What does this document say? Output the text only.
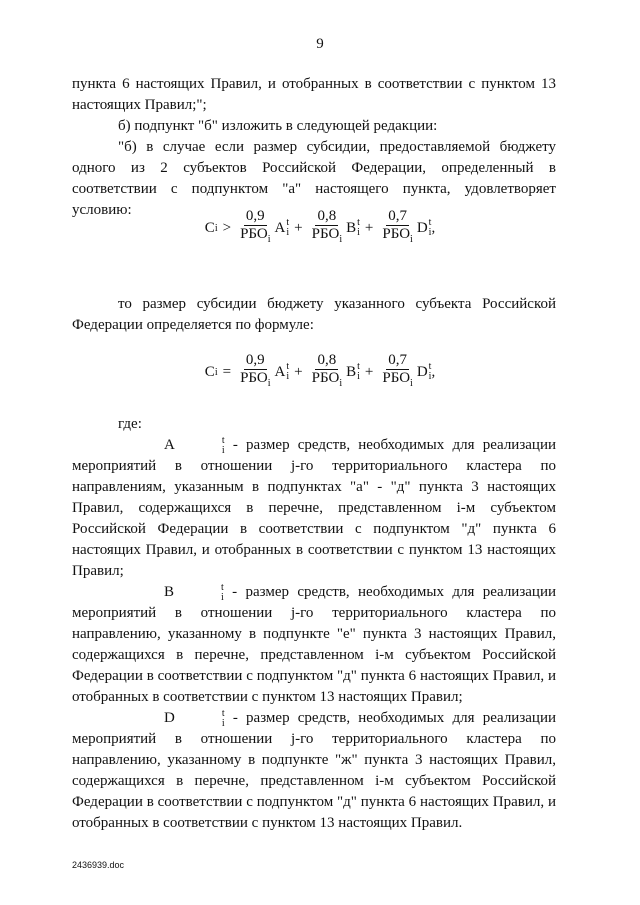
9

пункта 6 настоящих Правил, и отобранных в соответствии с пунктом 13 настоящих Правил;";

б) подпункт "б" изложить в следующей редакции:

"б) в случае если размер субсидии, предоставляемой бюджету одного из 2 субъектов Российской Федерации, определенный в соответствии с подпунктом "а" настоящего пункта, удовлетворяет условию:

C $i > \frac{0,9}{РБО_i}$ A t
$i + \frac{0,8}{РБО_i}$ B t
$i + \frac{0,7}{РБО_i}$ D t
i ,

то размер субсидии бюджету указанного субъекта Российской Федерации определяется по формуле:

C $i = \frac{0,9}{РБО_i}$ A t
$i + \frac{0,8}{РБО_i}$ B t
$i + \frac{0,7}{РБО_i}$ D t
i ,

где:

A	t
i - размер средств, необходимых для реализации мероприятий в отношении j-го территориального кластера по направлениям, указанным в подпунктах "а" - "д" пункта 3 настоящих Правил, содержащихся в перечне, представленном i-м субъектом Российской Федерации в соответствии с подпунктом "д" пункта 6 настоящих Правил, и отобранных в соответствии с пунктом 13 настоящих Правил;

B	t
i - размер средств, необходимых для реализации мероприятий в отношении j-го территориального кластера по направлению, указанному в подпункте "е" пункта 3 настоящих Правил, содержащихся в перечне, представленном i-м субъектом Российской Федерации в соответствии с подпунктом "д" пункта 6 настоящих Правил, и отобранных в соответствии с пунктом 13 настоящих Правил;

D	t
i - размер средств, необходимых для реализации мероприятий в отношении j-го территориального кластера по направлению, указанному в подпункте "ж" пункта 3 настоящих Правил, содержащихся в перечне, представленном i-м субъектом Российской Федерации в соответствии с подпунктом "д" пункта 6 настоящих Правил, и отобранных в соответствии с пунктом 13 настоящих Правил.

2436939.doc
